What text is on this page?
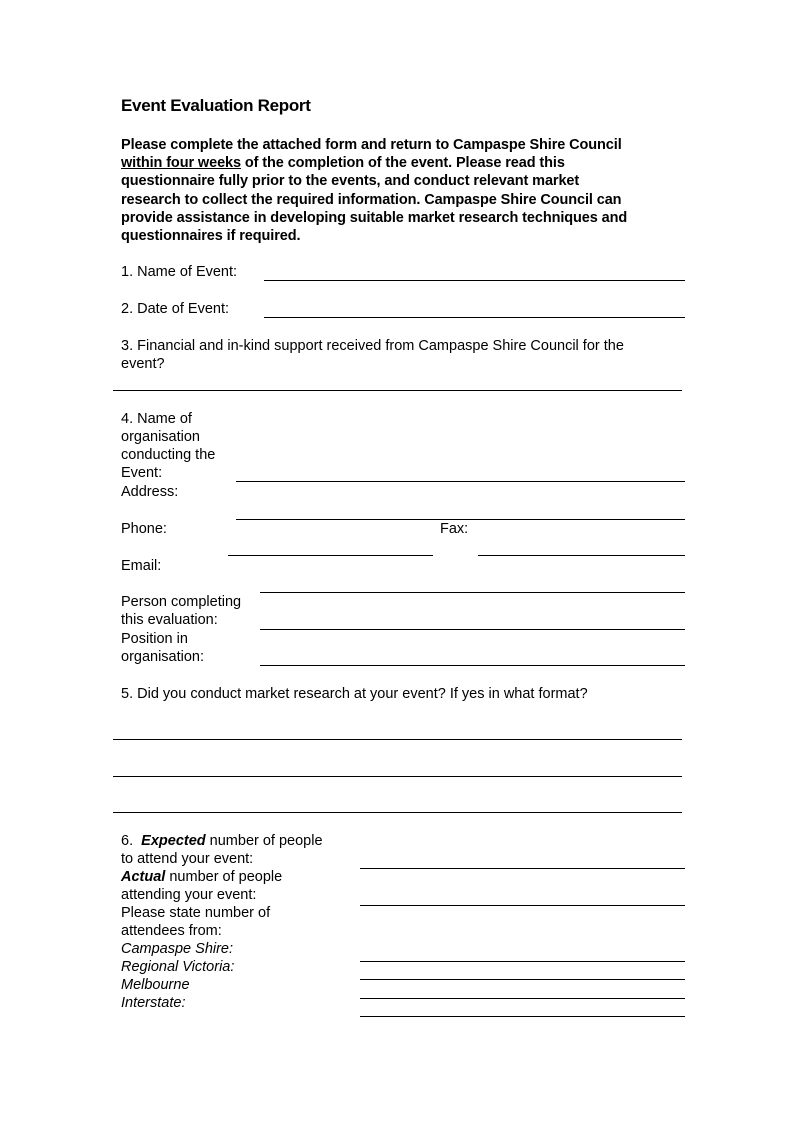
Event Evaluation Report
Please complete the attached form and return to Campaspe Shire Council
within four weeks of the completion of the event. Please read this
questionnaire fully prior to the events, and conduct relevant market
research to collect the required information. Campaspe Shire Council can
provide assistance in developing suitable market research techniques and
questionnaires if required.
1. Name of Event:
2. Date of Event:
3. Financial and in-kind support received from Campaspe Shire Council for the
event?
4. Name of
organisation
conducting the
Event:
Address:
Phone:	Fax:
Email:
Person completing
this evaluation:
Position in
organisation:
5. Did you conduct market research at your event? If yes in what format?
6. Expected number of people
to attend your event:
Actual number of people
attending your event:
Please state number of
attendees from:
Campaspe Shire:
Regional Victoria:
Melbourne
Interstate:
